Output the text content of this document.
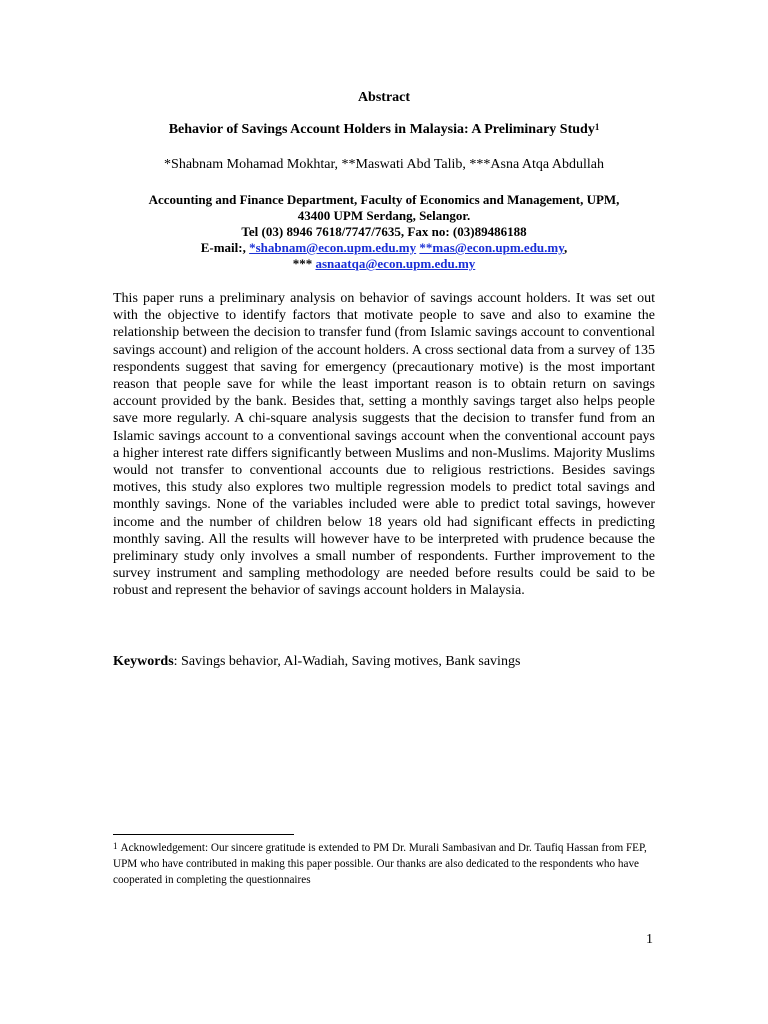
Abstract
Behavior of Savings Account Holders in Malaysia: A Preliminary Study$^1$
*Shabnam Mohamad Mokhtar, **Maswati Abd Talib, ***Asna Atqa Abdullah
Accounting and Finance Department, Faculty of Economics and Management, UPM,
43400 UPM Serdang, Selangor.
Tel (03) 8946 7618/7747/7635, Fax no: (03)89486188
E-mail:, *shabnam@econ.upm.edu.my **mas@econ.upm.edu.my,
*** asnaatqa@econ.upm.edu.my
This paper runs a preliminary analysis on behavior of savings account holders. It was set out with the objective to identify factors that motivate people to save and also to examine the relationship between the decision to transfer fund (from Islamic savings account to conventional savings account) and religion of the account holders. A cross sectional data from a survey of 135 respondents suggest that saving for emergency (precautionary motive) is the most important reason that people save for while the least important reason is to obtain return on savings account provided by the bank. Besides that, setting a monthly savings target also helps people save more regularly. A chi-square analysis suggests that the decision to transfer fund from an Islamic savings account to a conventional savings account when the conventional account pays a higher interest rate differs significantly between Muslims and non-Muslims. Majority Muslims would not transfer to conventional accounts due to religious restrictions. Besides savings motives, this study also explores two multiple regression models to predict total savings and monthly savings. None of the variables included were able to predict total savings, however income and the number of children below 18 years old had significant effects in predicting monthly saving. All the results will however have to be interpreted with prudence because the preliminary study only involves a small number of respondents. Further improvement to the survey instrument and sampling methodology are needed before results could be said to be robust and represent the behavior of savings account holders in Malaysia.
Keywords: Savings behavior, Al-Wadiah, Saving motives, Bank savings
$^1$ Acknowledgement: Our sincere gratitude is extended to PM Dr. Murali Sambasivan and Dr. Taufiq Hassan from FEP, UPM who have contributed in making this paper possible. Our thanks are also dedicated to the respondents who have cooperated in completing the questionnaires
1
